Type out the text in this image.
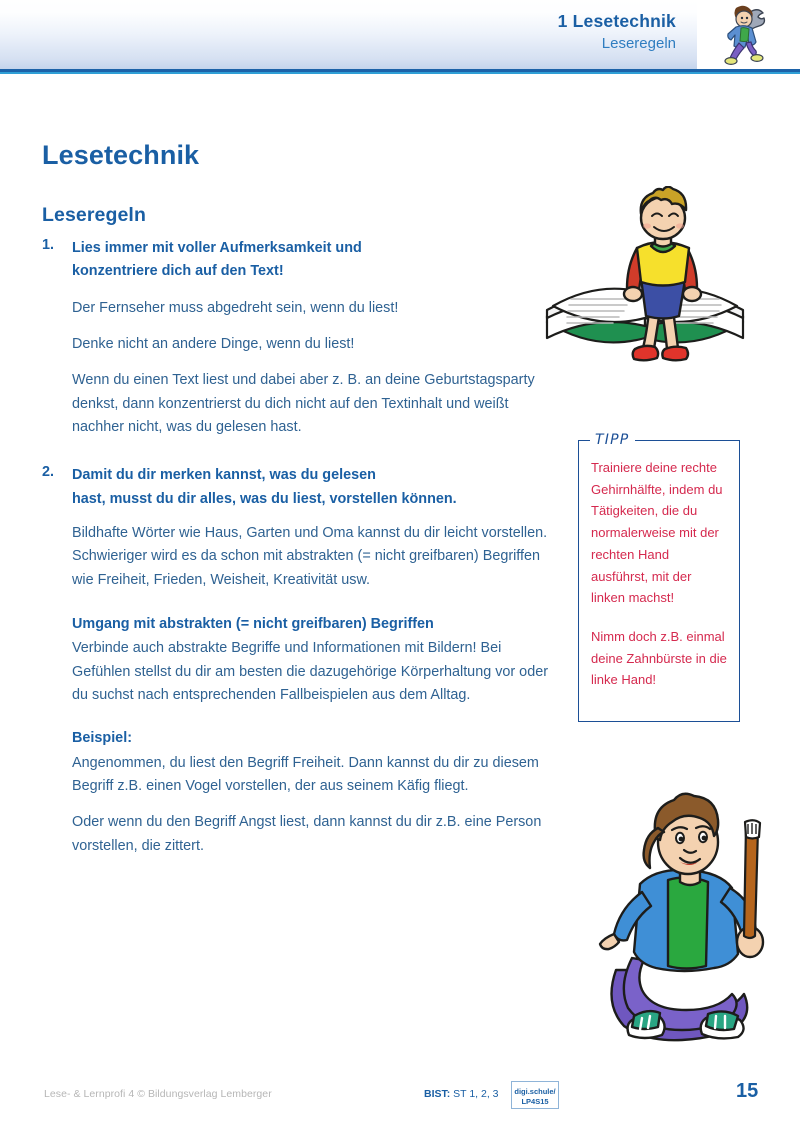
1 Lesetechnik
Leseregeln
Lesetechnik
Leseregeln
1.	Lies immer mit voller Aufmerksamkeit und
konzentriere dich auf den Text!

Der Fernseher muss abgedreht sein, wenn du liest!

Denke nicht an andere Dinge, wenn du liest!

Wenn du einen Text liest und dabei aber z. B. an deine Geburtstagsparty denkst, dann konzentrierst du dich nicht auf den Textinhalt und weißt nachher nicht, was du gelesen hast.

2.	Damit du dir merken kannst, was du gelesen
hast, musst du dir alles, was du liest, vorstellen können.

Bildhafte Wörter wie Haus, Garten und Oma kannst du dir leicht vorstellen. Schwieriger wird es da schon mit abstrakten (= nicht greifbaren) Begriffen wie Freiheit, Frieden, Weisheit, Kreativität usw.

Umgang mit abstrakten (= nicht greifbaren) Begriffen

Verbinde auch abstrakte Begriffe und Informationen mit Bildern! Bei Gefühlen stellst du dir am besten die dazugehörige Körperhaltung vor oder du suchst nach entsprechenden Fallbeispielen aus dem Alltag.

Beispiel:

Angenommen, du liest den Begriff Freiheit. Dann kannst du dir zu diesem Begriff z.B. einen Vogel vorstellen, der aus seinem Käfig fliegt.

Oder wenn du den Begriff Angst liest, dann kannst du dir z.B. eine Person vorstellen, die zittert.

TIPP

Trainiere deine rechte Gehirnhälfte, indem du Tätigkeiten, die du normalerweise mit der rechten Hand ausführst, mit der linken machst!

Nimm doch z.B. einmal deine Zahnbürste in die linke Hand!

Lese- & Lernprofi 4 © Bildungsverlag Lemberger	BIST: ST 1, 2, 3	digi.schule/
LP4S15	15
